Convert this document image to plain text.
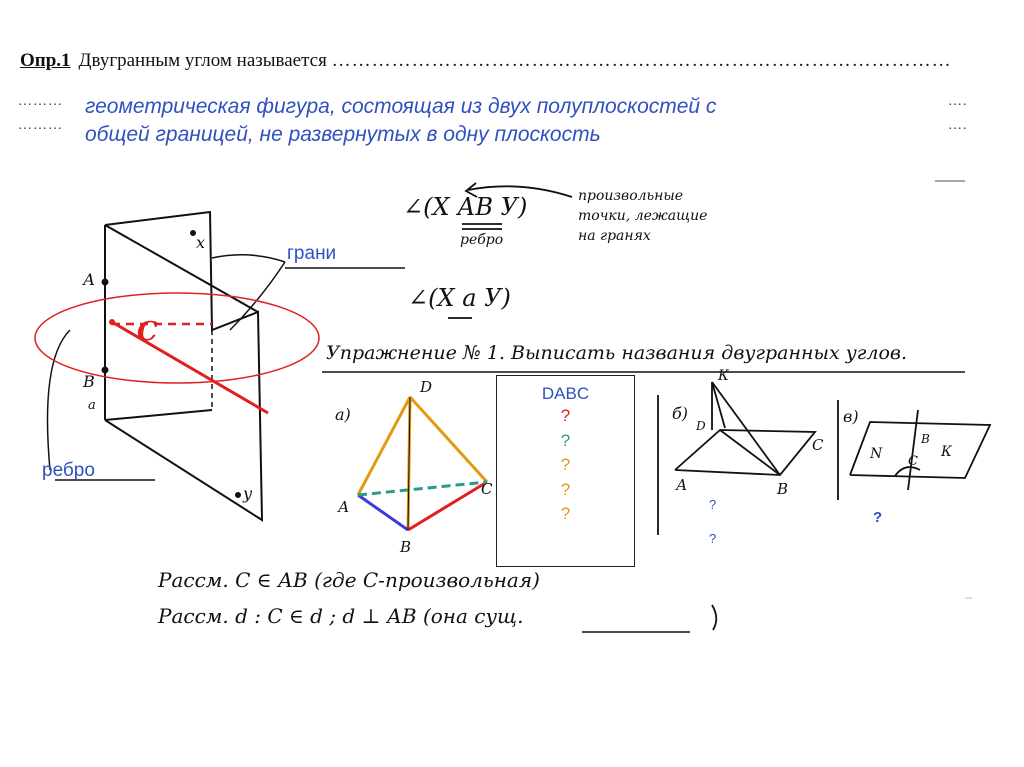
Опр.1 Двугранным углом называется …………………………………………………………………………………
………
………
….
….
геометрическая фигура, состоящая из двух полуплоскостей с
общей границей, не развернутых в одну плоскость
грани
ребро
С
А
В
а
х
у
∠(Х АВ У)
ребро
произвольные
точки, лежащие
на гранях
∠(Х а У)
Упражнение № 1. Выписать названия двугранных углов.
а)	б)	в)
D
А
В
С
К
D
А	В
С	N С
В
К
DABC
?
?
?
?
?	?
?
?
Рассм. С ∈ АВ (где С-произвольная)
Рассм. d : С ∈ d ; d ⊥ АВ (она сущ.
